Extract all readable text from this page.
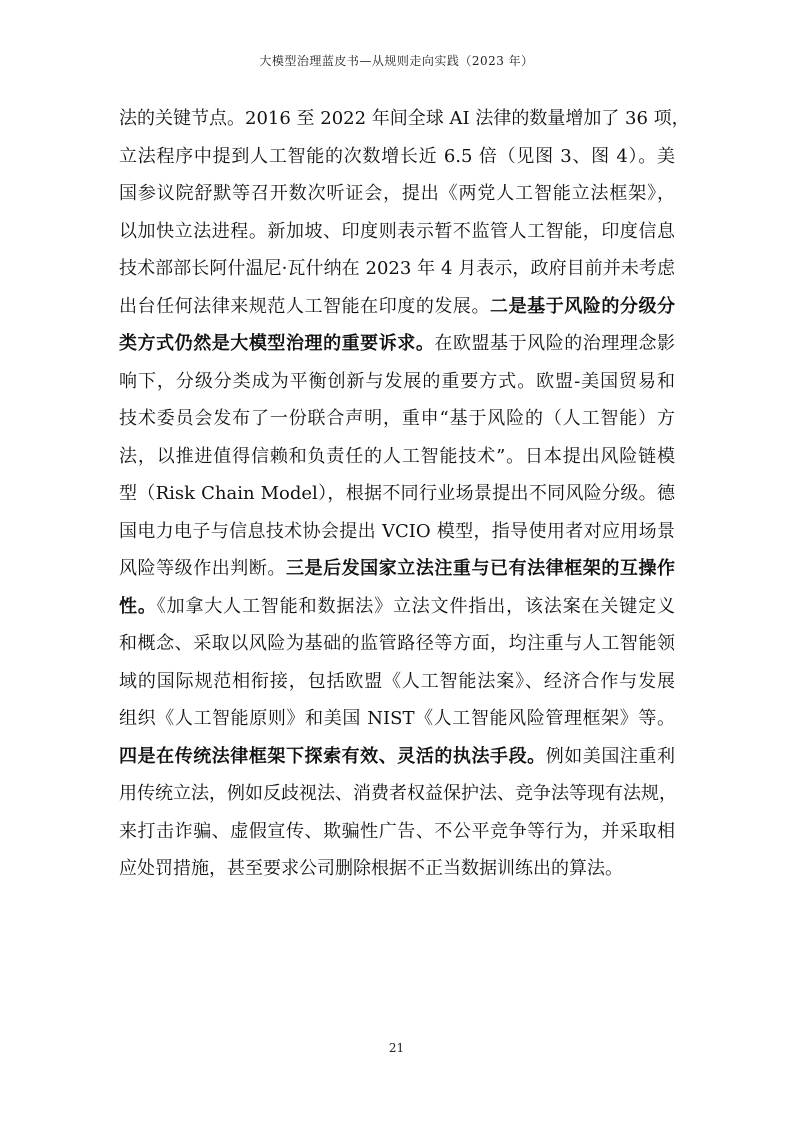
大模型治理蓝皮书—从规则走向实践（2023 年）
法的关键节点。2016 至 2022 年间全球 AI 法律的数量增加了 36 项，
立法程序中提到人工智能的次数增长近 6.5 倍（见图 3、图 4）。美
国参议院舒默等召开数次听证会，提出《两党人工智能立法框架》，
以加快立法进程。新加坡、印度则表示暂不监管人工智能，印度信息
技术部部长阿什温尼·瓦什纳在 2023 年 4 月表示，政府目前并未考虑
出台任何法律来规范人工智能在印度的发展。二是基于风险的分级分
类方式仍然是大模型治理的重要诉求。在欧盟基于风险的治理理念影
响下，分级分类成为平衡创新与发展的重要方式。欧盟-美国贸易和
技术委员会发布了一份联合声明，重申“基于风险的（人工智能）方
法，以推进值得信赖和负责任的人工智能技术”。日本提出风险链模
型（Risk Chain Model），根据不同行业场景提出不同风险分级。德
国电力电子与信息技术协会提出 VCIO 模型，指导使用者对应用场景
风险等级作出判断。三是后发国家立法注重与已有法律框架的互操作
性。《加拿大人工智能和数据法》立法文件指出，该法案在关键定义
和概念、采取以风险为基础的监管路径等方面，均注重与人工智能领
域的国际规范相衔接，包括欧盟《人工智能法案》、经济合作与发展
组织《人工智能原则》和美国 NIST《人工智能风险管理框架》等。
四是在传统法律框架下探索有效、灵活的执法手段。例如美国注重利
用传统立法，例如反歧视法、消费者权益保护法、竞争法等现有法规，
来打击诈骗、虚假宣传、欺骗性广告、不公平竞争等行为，并采取相
应处罚措施，甚至要求公司删除根据不正当数据训练出的算法。
21
